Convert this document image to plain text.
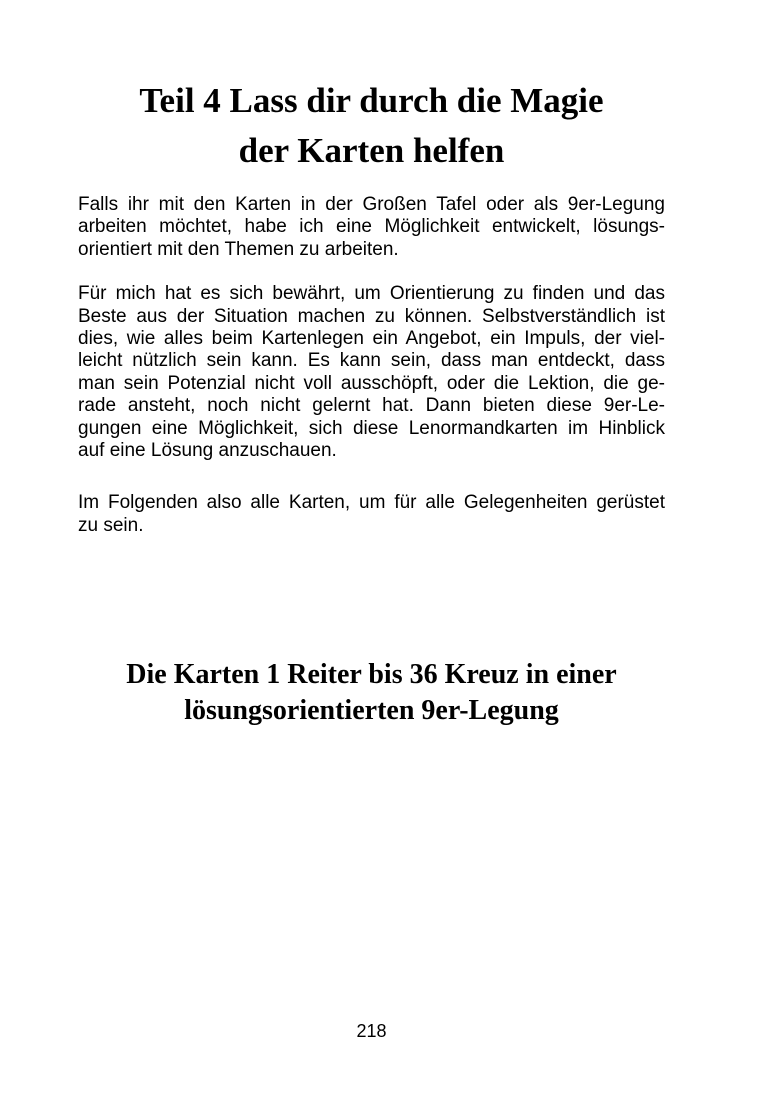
Teil 4 Lass dir durch die Magie
der Karten helfen

Falls ihr mit den Karten in der Großen Tafel oder als 9er-Legung
arbeiten möchtet, habe ich eine Möglichkeit entwickelt, lösungs-
orientiert mit den Themen zu arbeiten.

Für mich hat es sich bewährt, um Orientierung zu finden und das
Beste aus der Situation machen zu können. Selbstverständlich ist
dies, wie alles beim Kartenlegen ein Angebot, ein Impuls, der viel-
leicht nützlich sein kann. Es kann sein, dass man entdeckt, dass
man sein Potenzial nicht voll ausschöpft, oder die Lektion, die ge-
rade ansteht, noch nicht gelernt hat. Dann bieten diese 9er-Le-
gungen eine Möglichkeit, sich diese Lenormandkarten im Hinblick
auf eine Lösung anzuschauen.

Im Folgenden also alle Karten, um für alle Gelegenheiten gerüstet
zu sein.

Die Karten 1 Reiter bis 36 Kreuz in einer
lösungsorientierten 9er-Legung
218
